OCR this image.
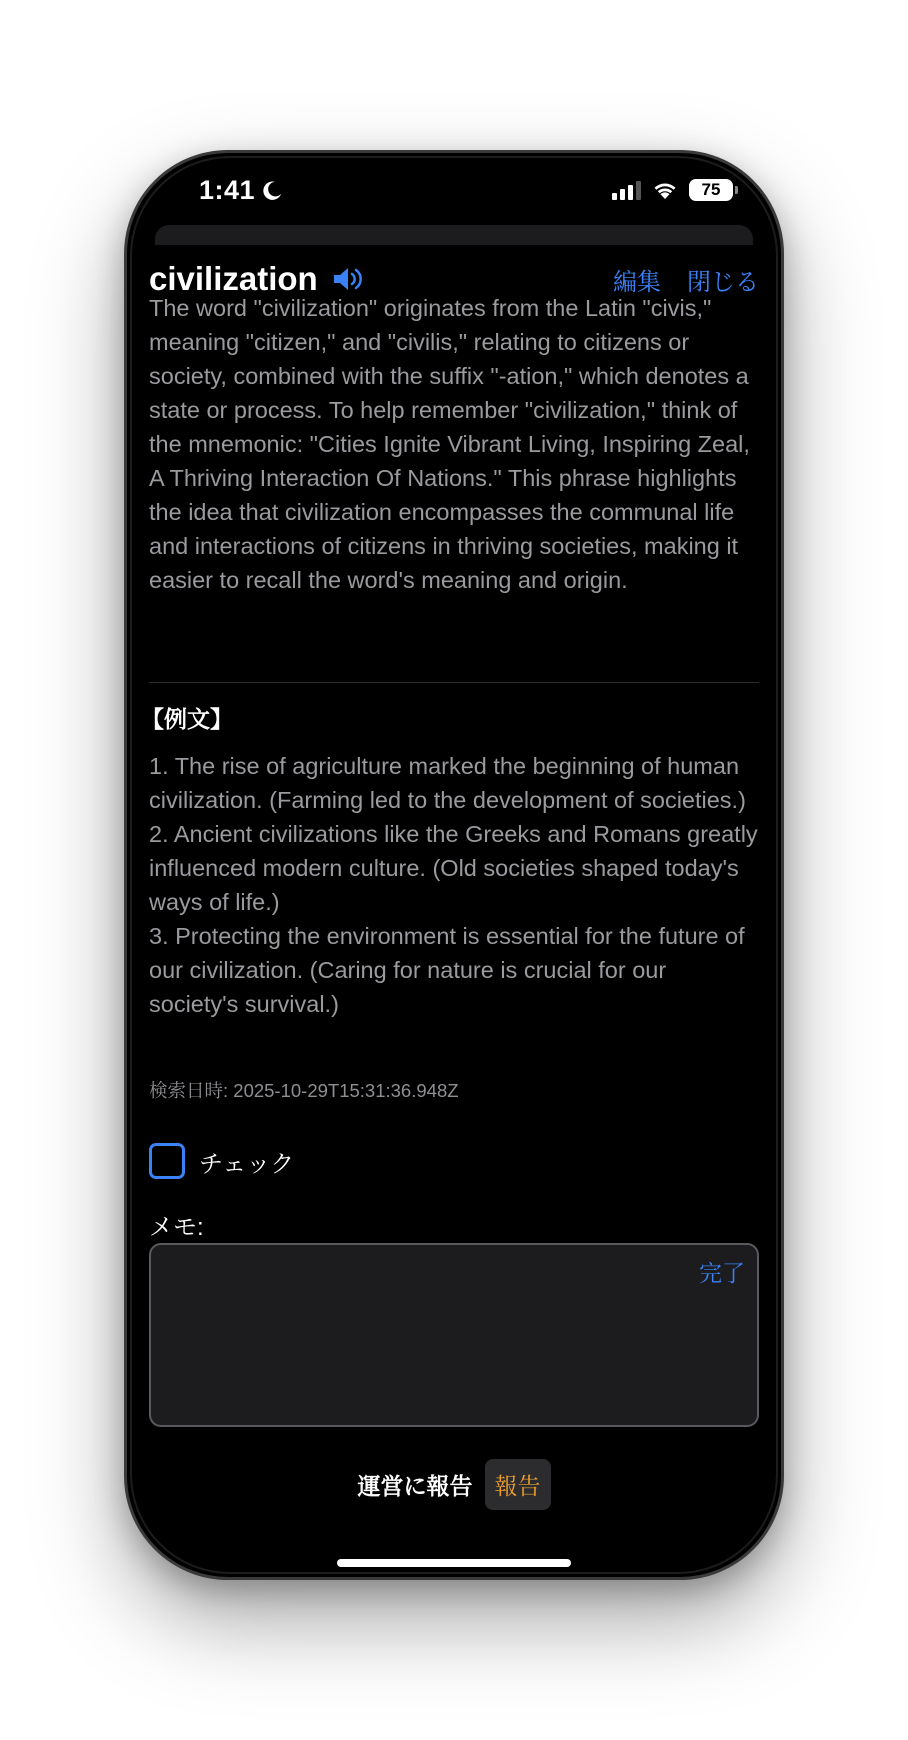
1:41	75
civilization	編集 閉じる

The word "civilization" originates from the Latin "civis," meaning "citizen," and "civilis," relating to citizens or society, combined with the suffix "-ation," which denotes a state or process. To help remember "civilization," think of the mnemonic: "Cities Ignite Vibrant Living, Inspiring Zeal, A Thriving Interaction Of Nations." This phrase highlights the idea that civilization encompasses the communal life and interactions of citizens in thriving societies, making it easier to recall the word's meaning and origin.

【例文】
1. The rise of agriculture marked the beginning of human civilization. (Farming led to the development of societies.)
2. Ancient civilizations like the Greeks and Romans greatly influenced modern culture. (Old societies shaped today's ways of life.)
3. Protecting the environment is essential for the future of our civilization. (Caring for nature is crucial for our society's survival.)
検索日時: 2025-10-29T15:31:36.948Z
チェック
メモ:
完了
運営に報告 報告
